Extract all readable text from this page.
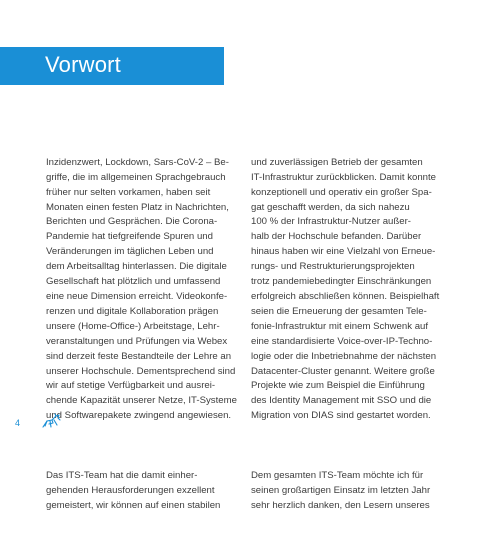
Vorwort

Inzidenzwert, Lockdown, Sars-CoV-2 – Be-
griffe, die im allgemeinen Sprachgebrauch
früher nur selten vorkamen, haben seit
Monaten einen festen Platz in Nachrichten,
Berichten und Gesprächen. Die Corona-
Pandemie hat tiefgreifende Spuren und
Veränderungen im täglichen Leben und
dem Arbeitsalltag hinterlassen. Die digitale
Gesellschaft hat plötzlich und umfassend
eine neue Dimension erreicht. Videokonfe-
renzen und digitale Kollaboration prägen
unsere (Home-Office-) Arbeitstage, Lehr-
veranstaltungen und Prüfungen via Webex
sind derzeit feste Bestandteile der Lehre an
unserer Hochschule. Dementsprechend sind
wir auf stetige Verfügbarkeit und ausrei-
chende Kapazität unserer Netze, IT-Systeme
und Softwarepakete zwingend angewiesen.

Das ITS-Team hat die damit einher-
gehenden Herausforderungen exzellent
gemeistert, wir können auf einen stabilen

und zuverlässigen Betrieb der gesamten
IT-Infrastruktur zurückblicken. Damit konnte
konzeptionell und operativ ein großer Spa-
gat geschafft werden, da sich nahezu
100 % der Infrastruktur-Nutzer außer-
halb der Hochschule befanden. Darüber
hinaus haben wir eine Vielzahl von Erneue-
rungs- und Restrukturierungsprojekten
trotz pandemiebedingter Einschränkungen
erfolgreich abschließen können. Beispielhaft
seien die Erneuerung der gesamten Tele-
fonie-Infrastruktur mit einem Schwenk auf
eine standardisierte Voice-over-IP-Techno-
logie oder die Inbetriebnahme der nächsten
Datacenter-Cluster genannt. Weitere große
Projekte wie zum Beispiel die Einführung
des Identity Management mit SSO und die
Migration von DIAS sind gestartet worden.

Dem gesamten ITS-Team möchte ich für
seinen großartigen Einsatz im letzten Jahr
sehr herzlich danken, den Lesern unseres

4
